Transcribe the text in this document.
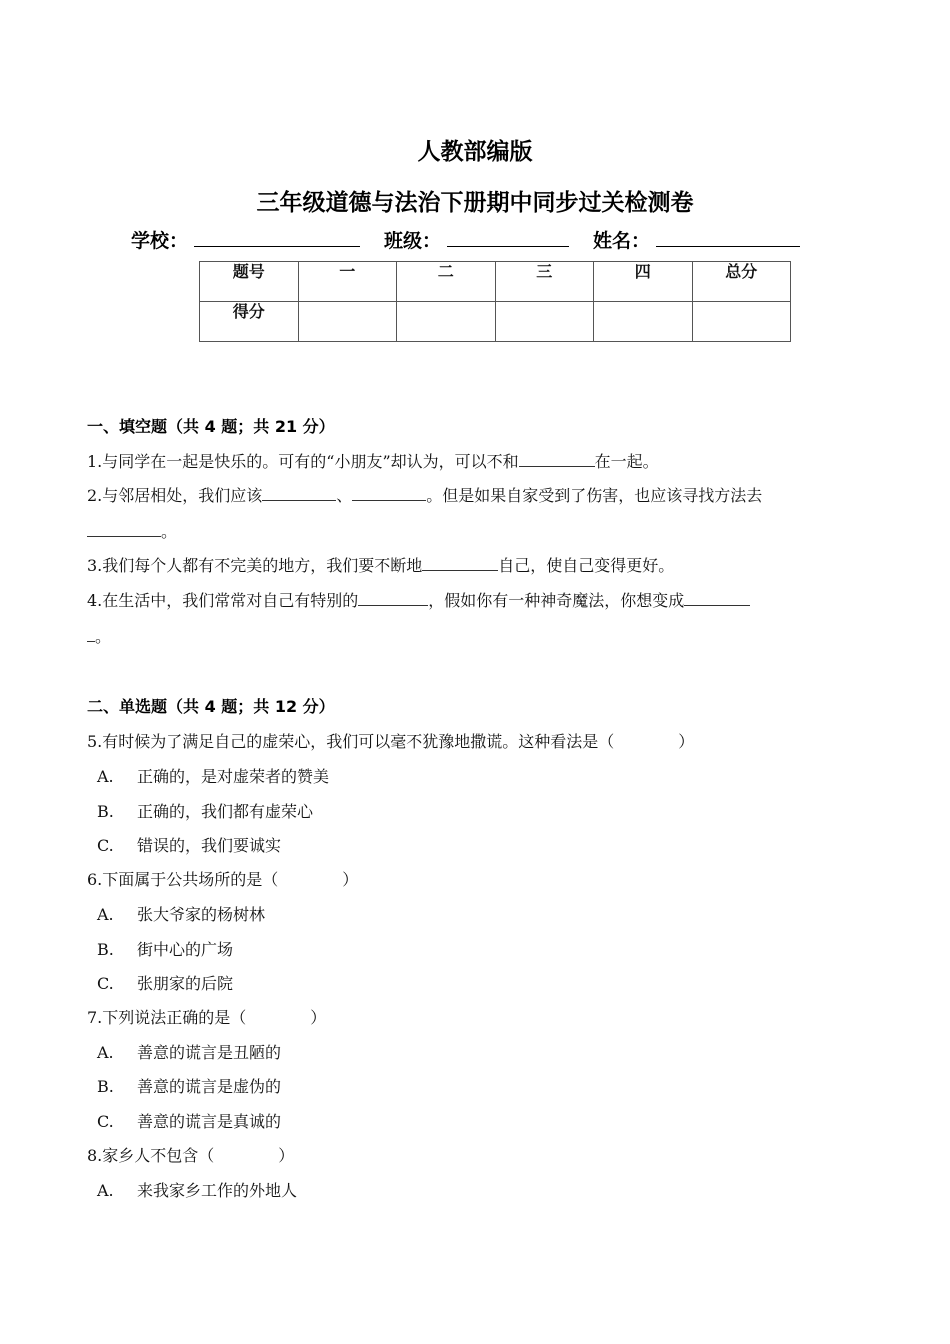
人教部编版
三年级道德与法治下册期中同步过关检测卷
学校：	班级：	姓名：
题号	一	二	三	四	总分
得分					
一、填空题（共 4 题；共 21 分）
1.与同学在一起是快乐的。可有的“小朋友”却认为，可以不和	在一起。
2.与邻居相处，我们应该	、	。但是如果自家受到了伤害，也应该寻找方法去
。
3.我们每个人都有不完美的地方，我们要不断地	自己，使自己变得更好。
4.在生活中，我们常常对自己有特别的	，假如你有一种神奇魔法，你想变成
。
二、单选题（共 4 题；共 12 分）
5.有时候为了满足自己的虚荣心，我们可以毫不犹豫地撒谎。这种看法是（　　　　）
A. 正确的，是对虚荣者的赞美
B. 正确的，我们都有虚荣心
C. 错误的，我们要诚实
6.下面属于公共场所的是（　　　　）
A. 张大爷家的杨树林
B. 街中心的广场
C. 张朋家的后院
7.下列说法正确的是（　　　　）
A. 善意的谎言是丑陋的
B. 善意的谎言是虚伪的
C. 善意的谎言是真诚的
8.家乡人不包含（　　　　）
A. 来我家乡工作的外地人
